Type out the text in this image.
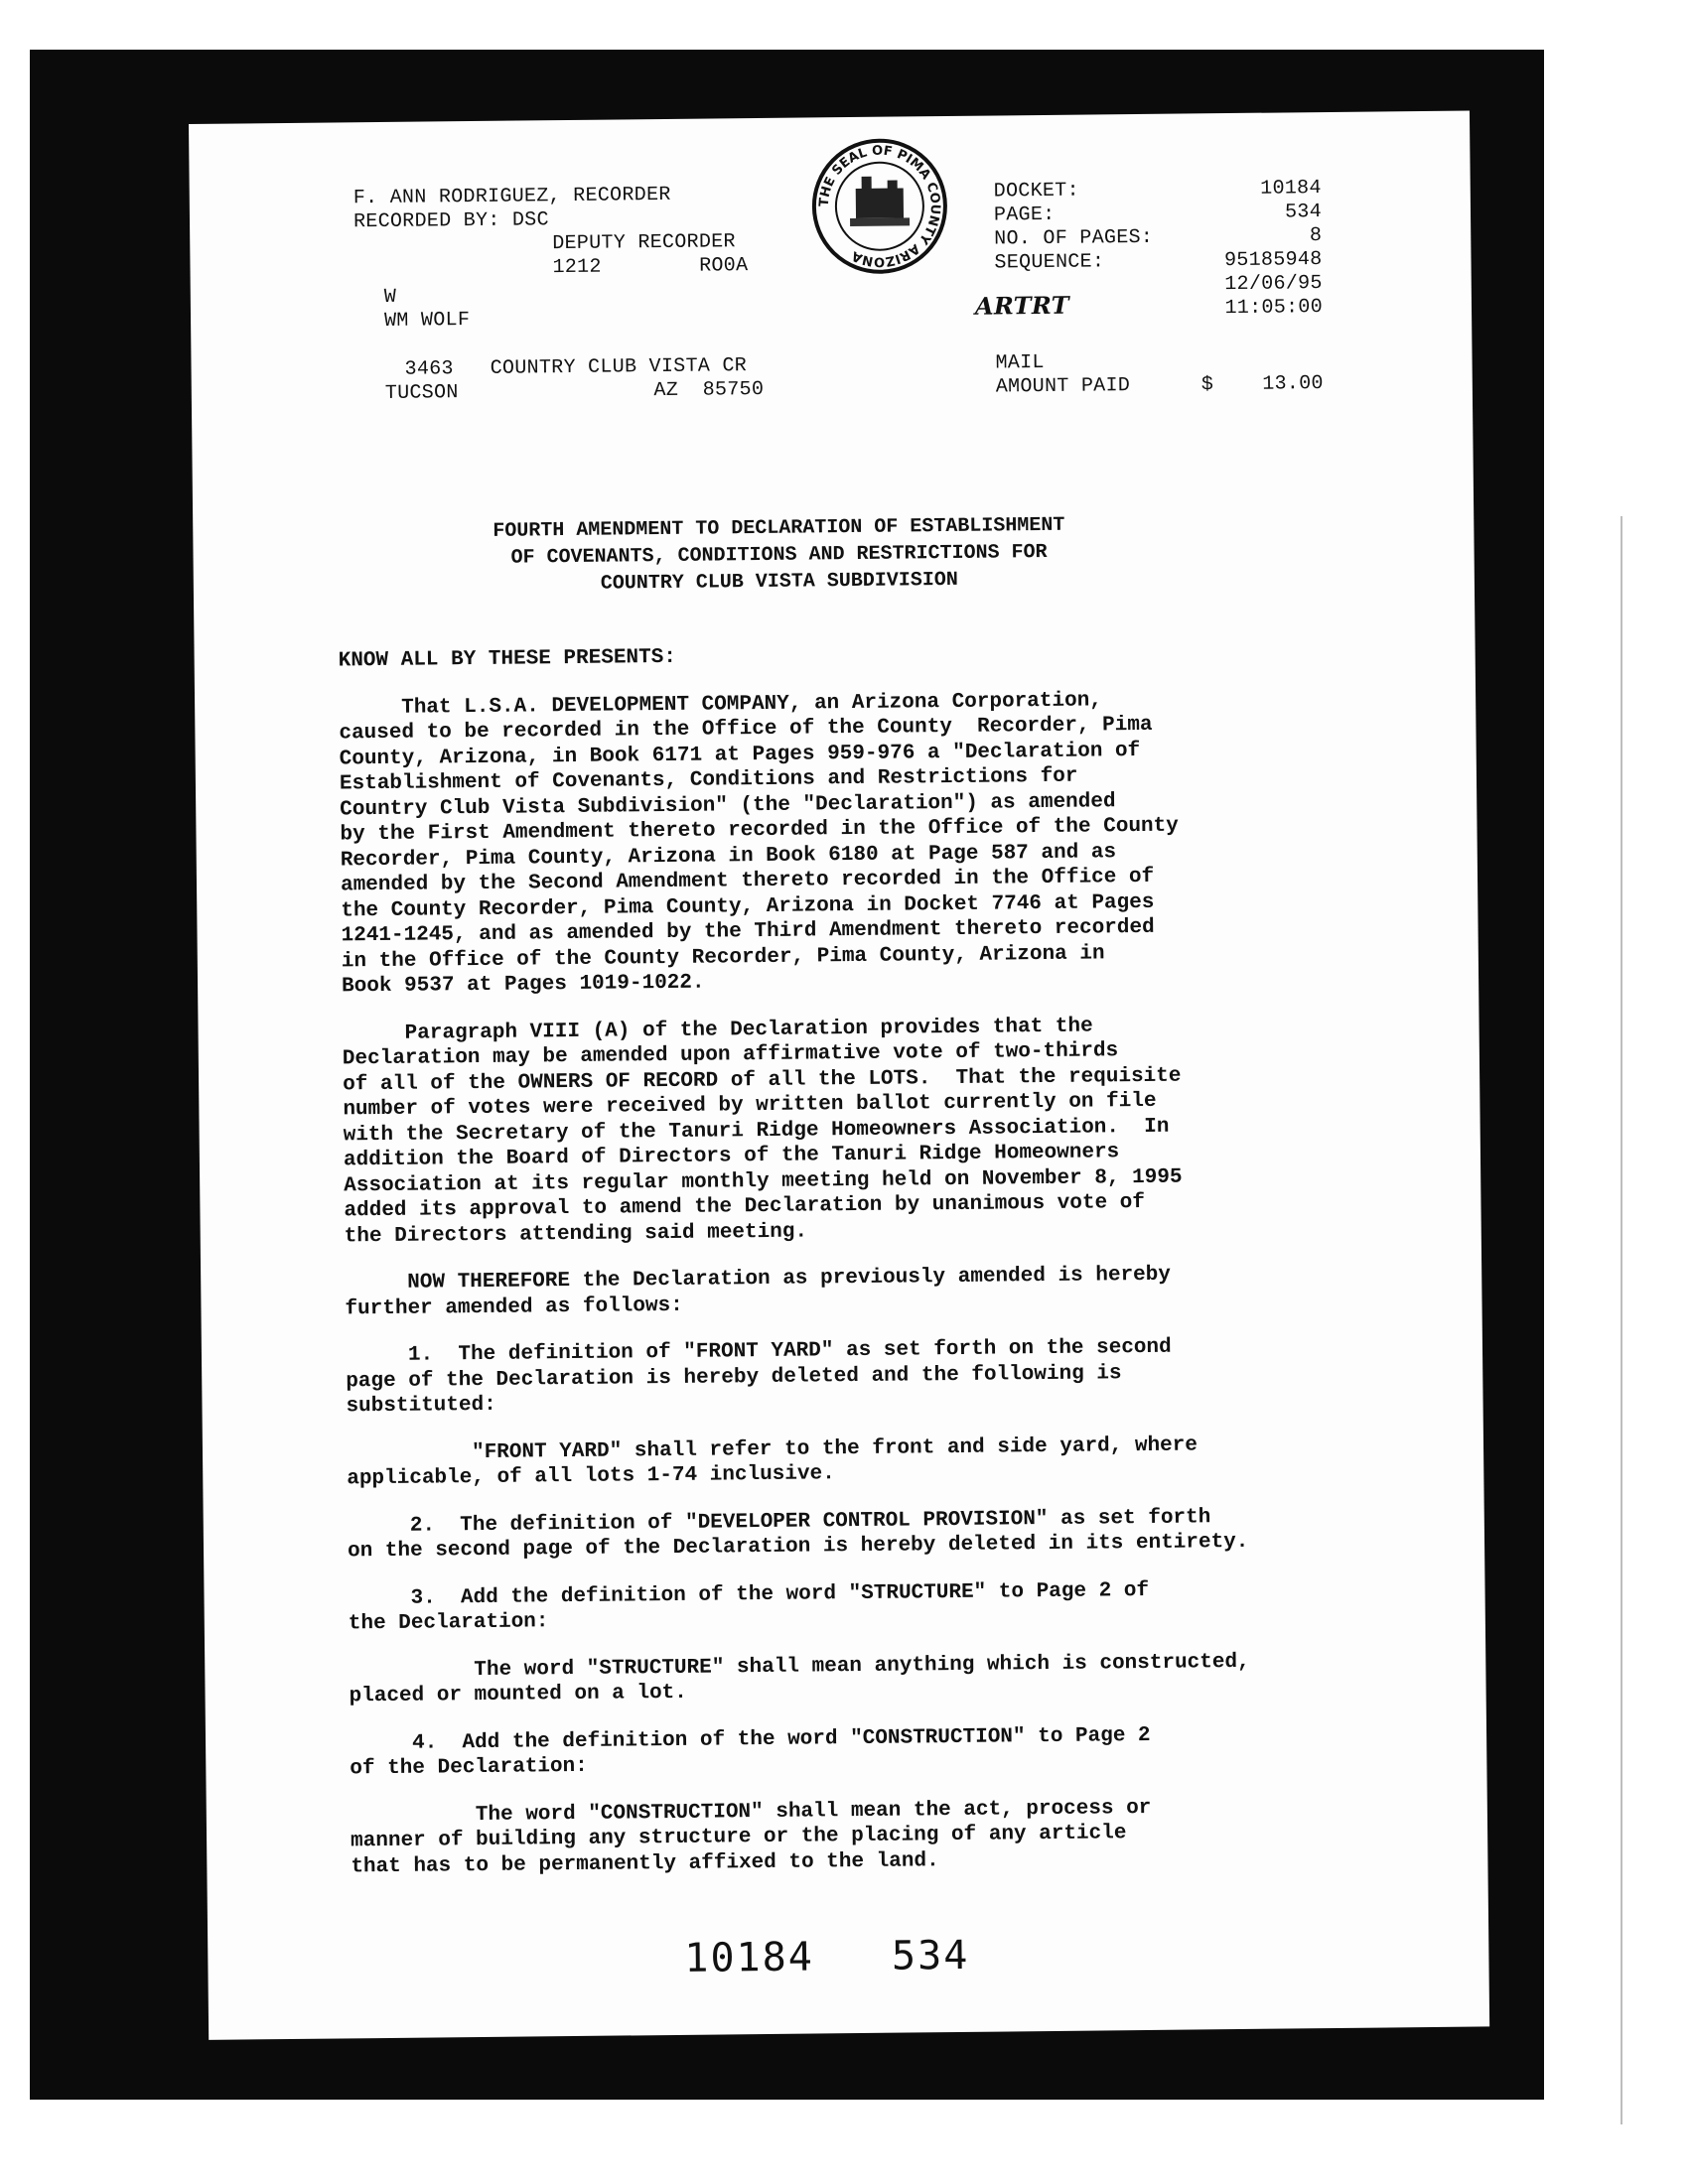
F. ANN RODRIGUEZ, RECORDER
RECORDED BY: DSC
DEPUTY RECORDER
1212        RO0A
W
WM WOLF
3463   COUNTRY CLUB VISTA CR
TUCSON                AZ  85750
THE SEAL OF PIMA COUNTY ARIZONA
DOCKET:
PAGE:
NO. OF PAGES:
SEQUENCE:
10184
534
8
95185948
12/06/95
11:05:00
ARTRT
MAIL
AMOUNT PAID	$    13.00
FOURTH AMENDMENT TO DECLARATION OF ESTABLISHMENT
OF COVENANTS, CONDITIONS AND RESTRICTIONS FOR
COUNTRY CLUB VISTA SUBDIVISION

KNOW ALL BY THESE PRESENTS:

That L.S.A. DEVELOPMENT COMPANY, an Arizona Corporation,
caused to be recorded in the Office of the County  Recorder, Pima
County, Arizona, in Book 6171 at Pages 959-976 a "Declaration of
Establishment of Covenants, Conditions and Restrictions for
Country Club Vista Subdivision" (the "Declaration") as amended
by the First Amendment thereto recorded in the Office of the County
Recorder, Pima County, Arizona in Book 6180 at Page 587 and as
amended by the Second Amendment thereto recorded in the Office of
the County Recorder, Pima County, Arizona in Docket 7746 at Pages
1241-1245, and as amended by the Third Amendment thereto recorded
in the Office of the County Recorder, Pima County, Arizona in
Book 9537 at Pages 1019-1022.

Paragraph VIII (A) of the Declaration provides that the
Declaration may be amended upon affirmative vote of two-thirds
of all of the OWNERS OF RECORD of all the LOTS.  That the requisite
number of votes were received by written ballot currently on file
with the Secretary of the Tanuri Ridge Homeowners Association.  In
addition the Board of Directors of the Tanuri Ridge Homeowners
Association at its regular monthly meeting held on November 8, 1995
added its approval to amend the Declaration by unanimous vote of
the Directors attending said meeting.

NOW THEREFORE the Declaration as previously amended is hereby
further amended as follows:

1.  The definition of "FRONT YARD" as set forth on the second
page of the Declaration is hereby deleted and the following is
substituted:

"FRONT YARD" shall refer to the front and side yard, where
applicable, of all lots 1-74 inclusive.

2.  The definition of "DEVELOPER CONTROL PROVISION" as set forth
on the second page of the Declaration is hereby deleted in its entirety.

3.  Add the definition of the word "STRUCTURE" to Page 2 of
the Declaration:

The word "STRUCTURE" shall mean anything which is constructed,
placed or mounted on a lot.

4.  Add the definition of the word "CONSTRUCTION" to Page 2
of the Declaration:

The word "CONSTRUCTION" shall mean the act, process or
manner of building any structure or the placing of any article
that has to be permanently affixed to the land.

10184   534
